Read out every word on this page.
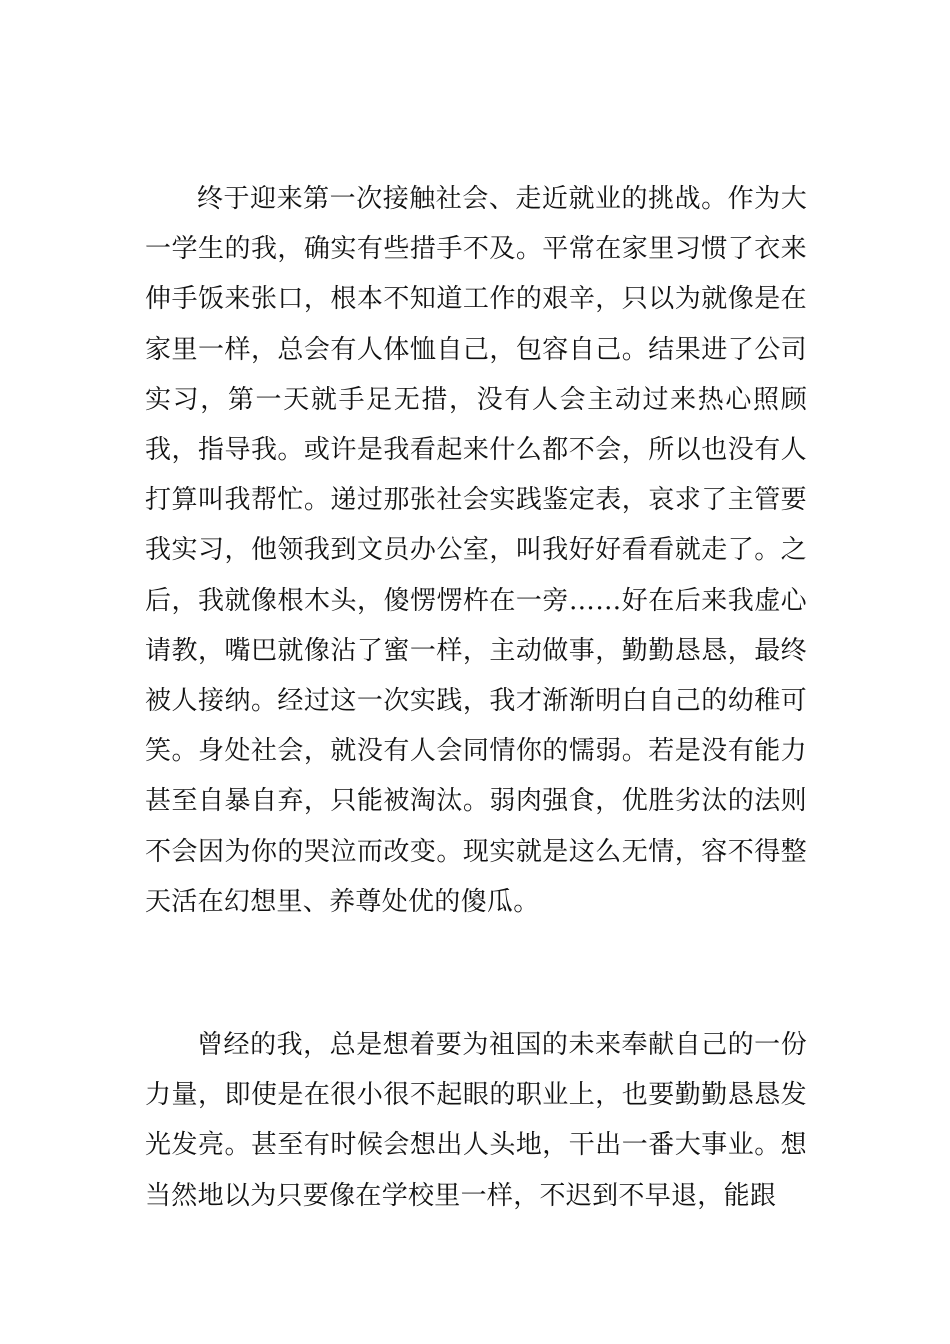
终于迎来第一次接触社会、走近就业的挑战。作为大一学生的我，确实有些措手不及。平常在家里习惯了衣来伸手饭来张口，根本不知道工作的艰辛，只以为就像是在家里一样，总会有人体恤自己，包容自己。结果进了公司实习，第一天就手足无措，没有人会主动过来热心照顾我，指导我。或许是我看起来什么都不会，所以也没有人打算叫我帮忙。递过那张社会实践鉴定表，哀求了主管要我实习，他领我到文员办公室，叫我好好看看就走了。之后，我就像根木头，傻愣愣杵在一旁……好在后来我虚心请教，嘴巴就像沾了蜜一样，主动做事，勤勤恳恳，最终被人接纳。经过这一次实践，我才渐渐明白自己的幼稚可笑。身处社会，就没有人会同情你的懦弱。若是没有能力甚至自暴自弃，只能被淘汰。弱肉强食，优胜劣汰的法则不会因为你的哭泣而改变。现实就是这么无情，容不得整天活在幻想里、养尊处优的傻瓜。

曾经的我，总是想着要为祖国的未来奉献自己的一份力量，即使是在很小很不起眼的职业上，也要勤勤恳恳发光发亮。甚至有时候会想出人头地，干出一番大事业。想当然地以为只要像在学校里一样，不迟到不早退，能跟
